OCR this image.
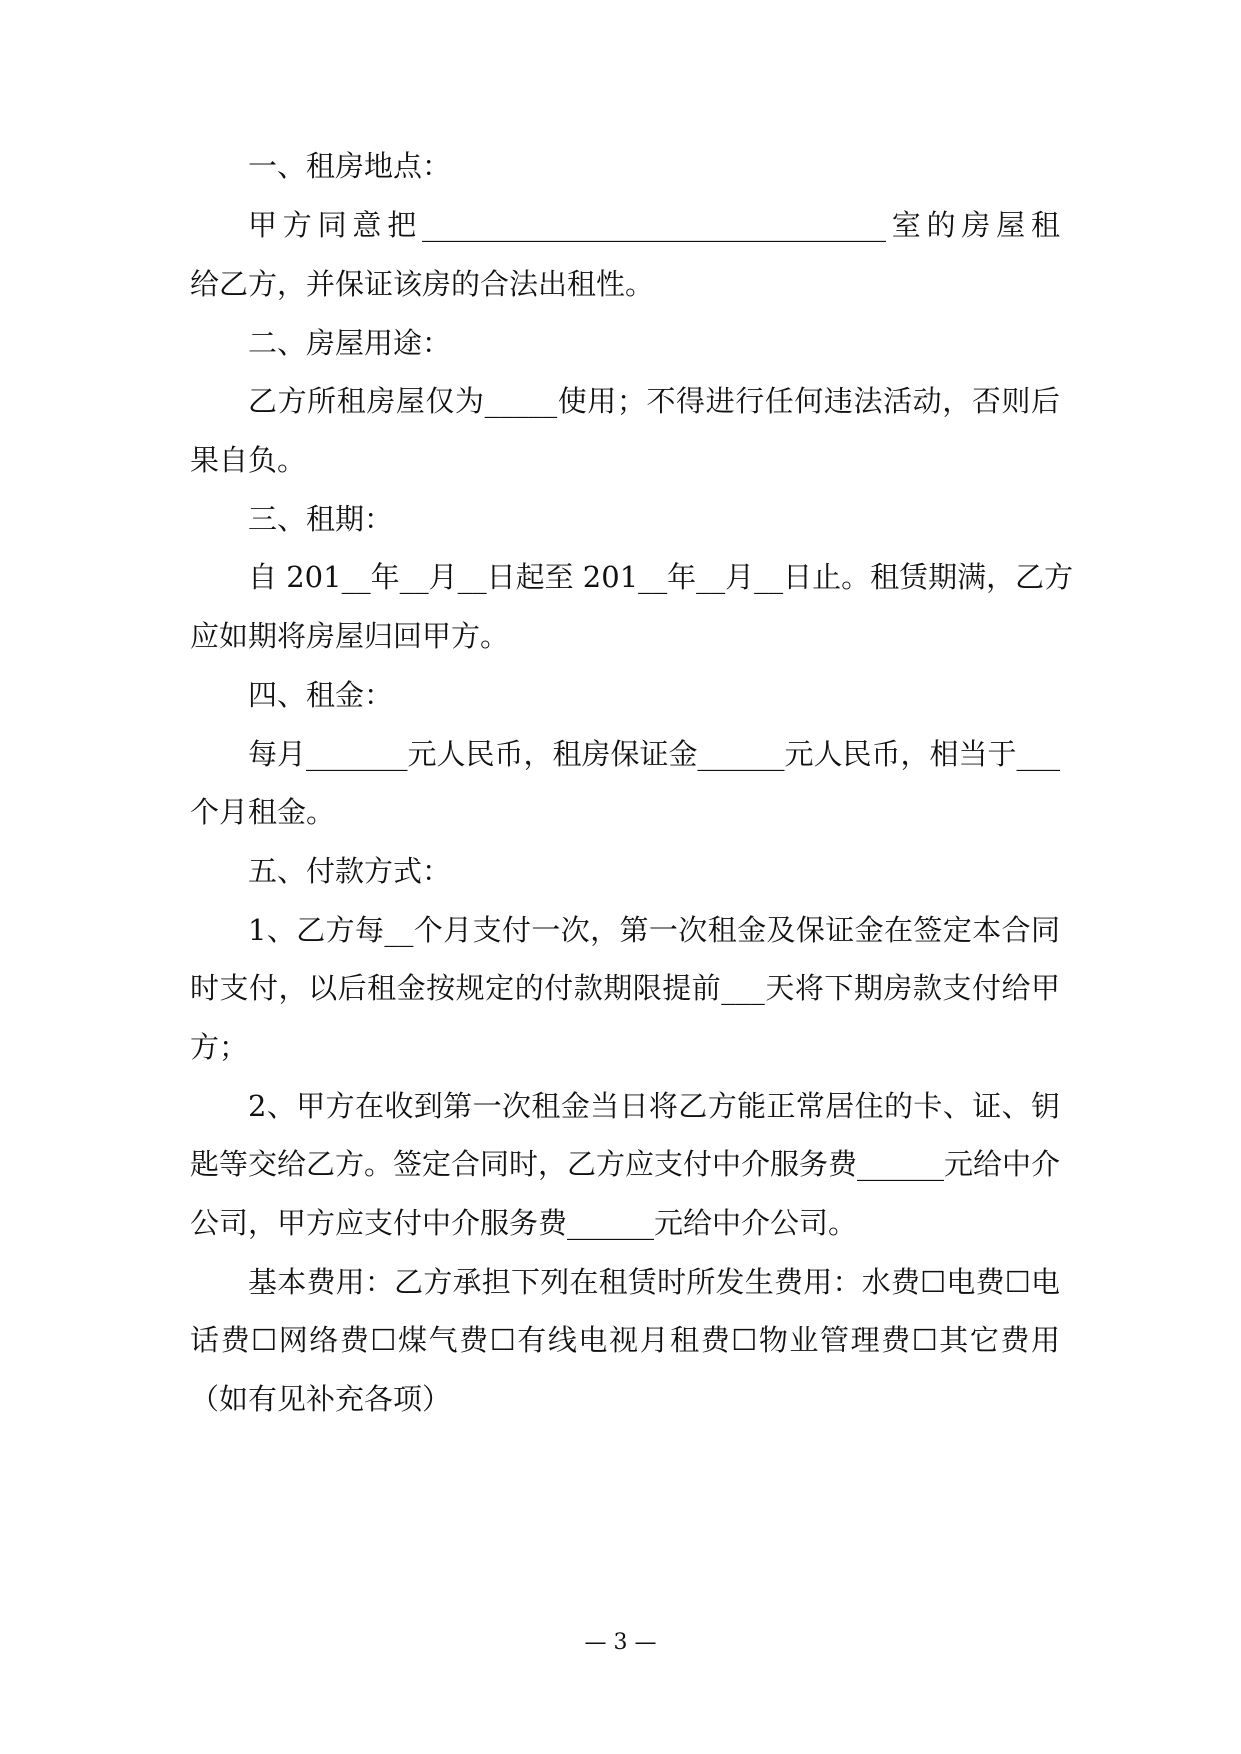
一、租房地点：
甲方同意把________________________________室的房屋租
给乙方，并保证该房的合法出租性。
二、房屋用途：
乙方所租房屋仅为_____使用；不得进行任何违法活动，否则后
果自负。
三、租期：
自 201__年__月__日起至 201__年__月__日止。租赁期满，乙方
应如期将房屋归回甲方。
四、租金：
每月_______元人民币，租房保证金______元人民币，相当于___
个月租金。
五、付款方式：
1、乙方每__个月支付一次，第一次租金及保证金在签定本合同
时支付，以后租金按规定的付款期限提前___天将下期房款支付给甲
方；
2、甲方在收到第一次租金当日将乙方能正常居住的卡、证、钥
匙等交给乙方。签定合同时，乙方应支付中介服务费______元给中介
公司，甲方应支付中介服务费______元给中介公司。
基本费用：乙方承担下列在租赁时所发生费用：水费☐电费☐电
话费☐网络费☐煤气费☐有线电视月租费☐物业管理费☐其它费用
（如有见补充各项）
— 3 —
